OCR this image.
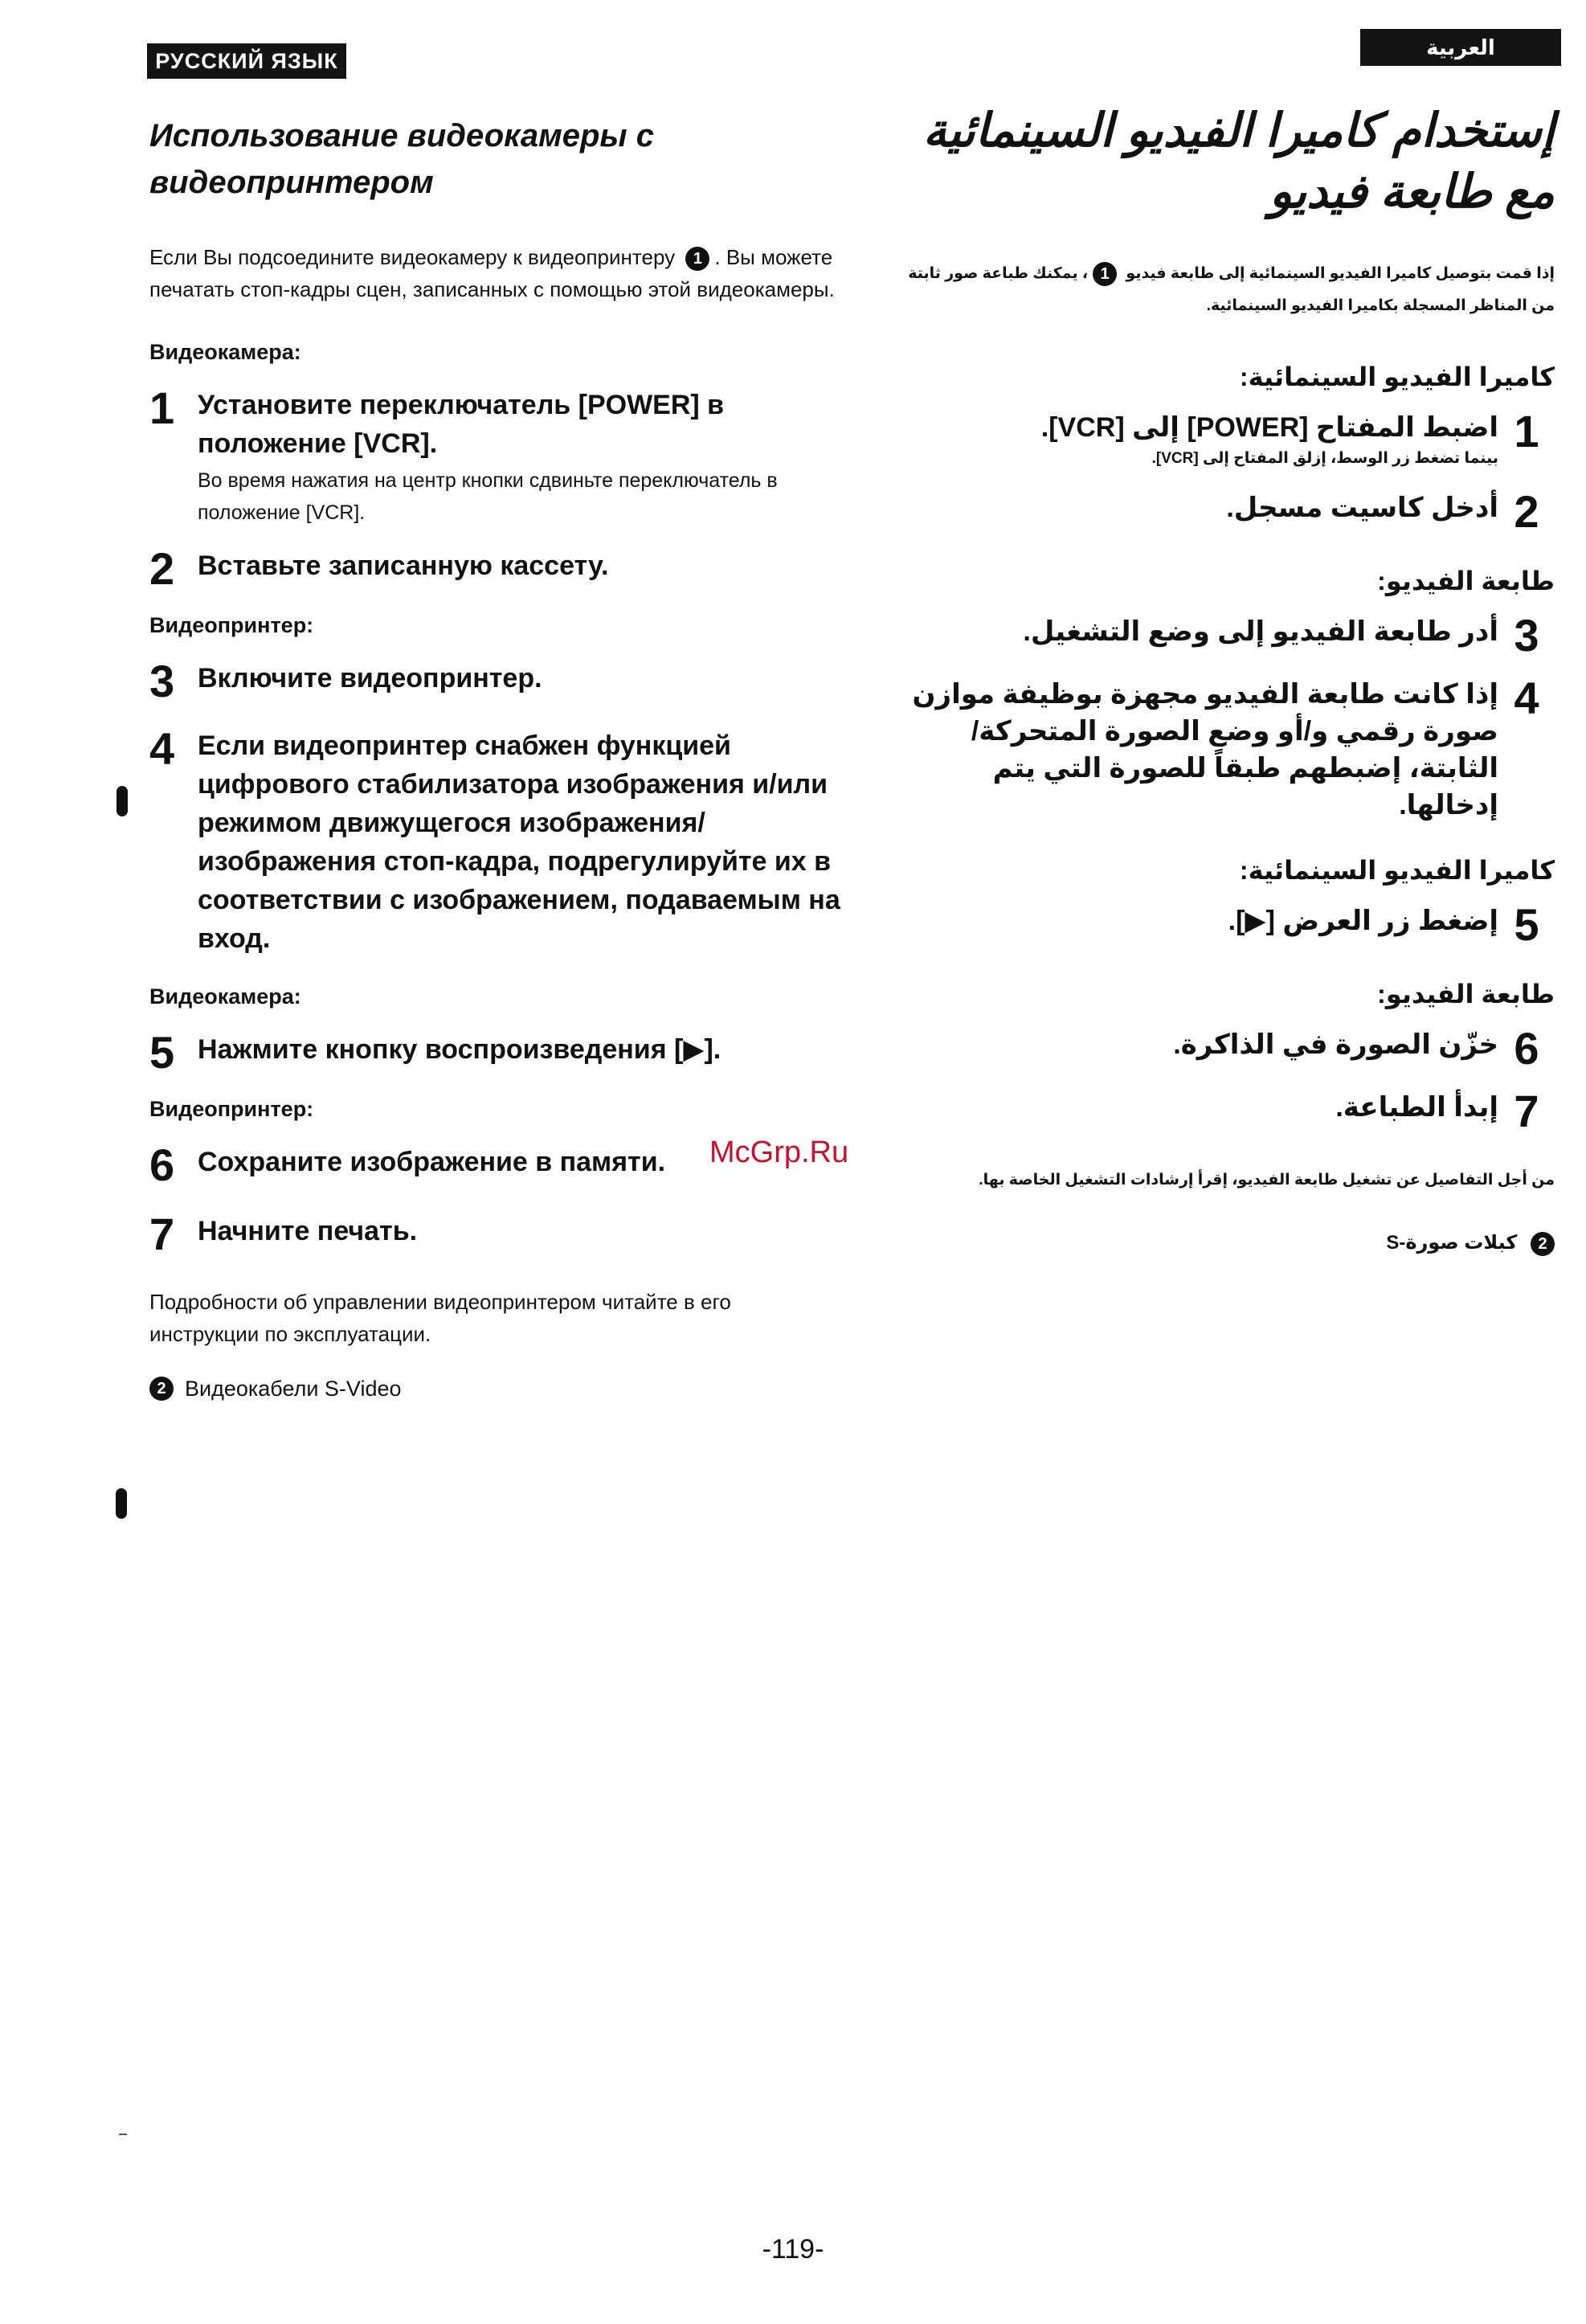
РУССКИЙ ЯЗЫК
العربية
Использование видеокамеры с видеопринтером
Если Вы подсоедините видеокамеру к видеопринтеру 1 . Вы можете печатать стоп-кадры сцен, записанных с помощью этой видеокамеры.
Видеокамера:
1 Установите переключатель [POWER] в положение [VCR].
Во время нажатия на центр кнопки сдвиньте переключатель в положение [VCR].
2 Вставьте записанную кассету.
Видеопринтер:
3 Включите видеопринтер.
4 Если видеопринтер снабжен функцией цифрового стабилизатора изображения и/или режимом движущегося изображения/изображения стоп-кадра, подрегулируйте их в соответствии с изображением, подаваемым на вход.
Видеокамера:
5 Нажмите кнопку воспроизведения [▶].
Видеопринтер:
6 Сохраните изображение в памяти.
7 Начните печать.
Подробности об управлении видеопринтером читайте в его инструкции по эксплуатации.
2 Видеокабели S-Video
إستخدام كاميرا الفيديو السينمائية مع طابعة فيديو
إذا قمت بتوصيل كاميرا الفيديو السينمائية إلى طابعة فيديو 1، يمكنك طباعة صور ثابتة من المناظر المسجلة بكاميرا الفيديو السينمائية.
كاميرا الفيديو السينمائية:
1
اضبط المفتاح [POWER] إلى [VCR].
بينما تضغط زر الوسط، إزلق المفتاح إلى [VCR].
2
أدخل كاسيت مسجل.
طابعة الفيديو:
3
أدر طابعة الفيديو إلى وضع التشغيل.
4
إذا كانت طابعة الفيديو مجهزة بوظيفة موازن صورة رقمي و/أو وضع الصورة المتحركة/الثابتة، إضبطهم طبقاً للصورة التي يتم إدخالها.
كاميرا الفيديو السينمائية:
5
إضغط زر العرض [▶].
طابعة الفيديو:
6
خزّن الصورة في الذاكرة.
7
إبدأ الطباعة.
من أجل التفاصيل عن تشغيل طابعة الفيديو، إقرأ إرشادات التشغيل الخاصة بها.
2 كبلات صورة-S
McGrp.Ru
-119-
